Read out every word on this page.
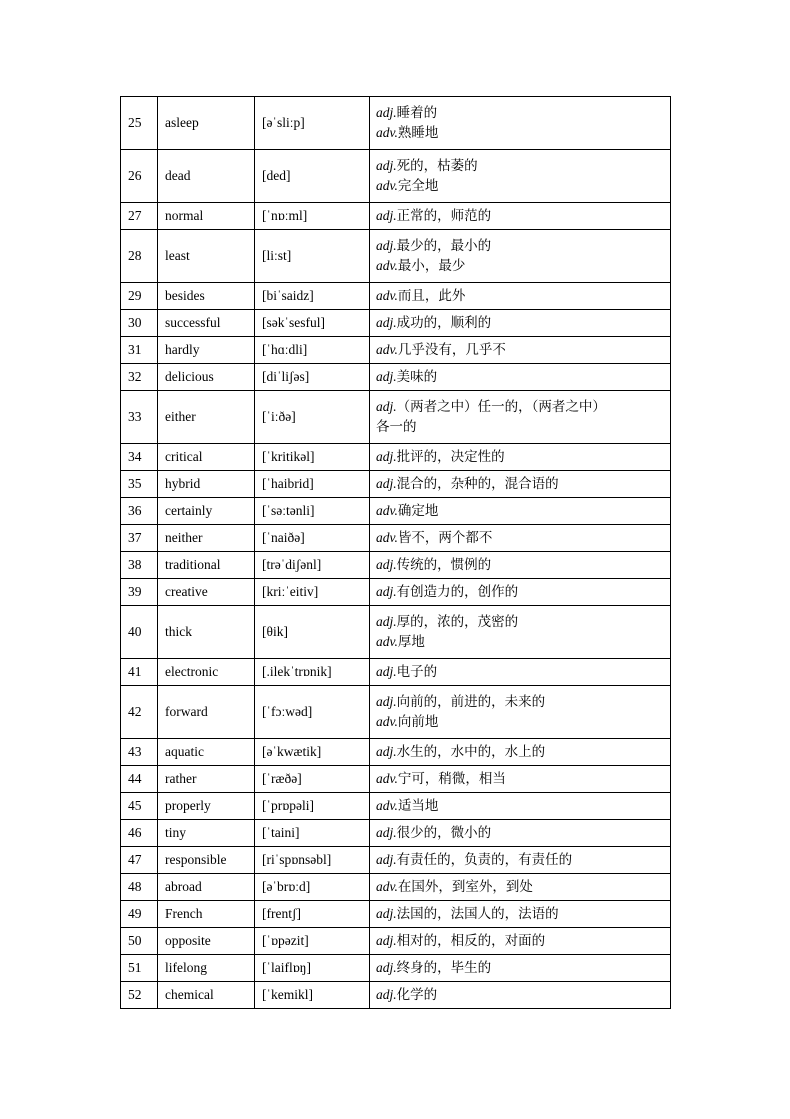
25	asleep	[əˈsliːp]	adj.睡着的
adv.熟睡地

26	dead	[ded]	adj.死的，枯萎的
adv.完全地

27	normal	[ˈnɒːml]	adj.正常的，师范的

28	least	[liːst]	adj.最少的，最小的
adv.最小，最少

29	besides	[biˈsaidz]	adv.而且，此外

30	successful	[səkˈsesful]	adj.成功的，顺利的

31	hardly	[ˈhɑːdli]	adv.几乎没有，几乎不

32	delicious	[diˈliʃəs]	adj.美味的

33	either	[ˈiːðə]	adj.（两者之中）任一的，（两者之中）
各一的

34	critical	[ˈkritikəl]	adj.批评的，决定性的

35	hybrid	[ˈhaibrid]	adj.混合的，杂种的，混合语的

36	certainly	[ˈsəːtənli]	adv.确定地

37	neither	[ˈnaiðə]	adv.皆不，两个都不

38	traditional	[trəˈdiʃənl]	adj.传统的，惯例的

39	creative	[kriːˈeitiv]	adj.有创造力的，创作的

40	thick	[θik]	adj.厚的，浓的，茂密的
adv.厚地

41	electronic	[.ilekˈtrɒnik]	adj.电子的

42	forward	[ˈfɔːwəd]	adj.向前的，前进的，未来的
adv.向前地

43	aquatic	[əˈkwætik]	adj.水生的，水中的，水上的

44	rather	[ˈræðə]	adv.宁可，稍微，相当

45	properly	[ˈprɒpəli]	adv.适当地

46	tiny	[ˈtaini]	adj.很少的，微小的

47	responsible	[riˈspɒnsəbl]	adj.有责任的，负责的，有责任的

48	abroad	[əˈbrɒːd]	adv.在国外，到室外，到处

49	French	[frentʃ]	adj.法国的，法国人的，法语的

50	opposite	[ˈɒpəzit]	adj.相对的，相反的，对面的

51	lifelong	[ˈlaiflɒŋ]	adj.终身的，毕生的

52	chemical	[ˈkemikl]	adj.化学的
